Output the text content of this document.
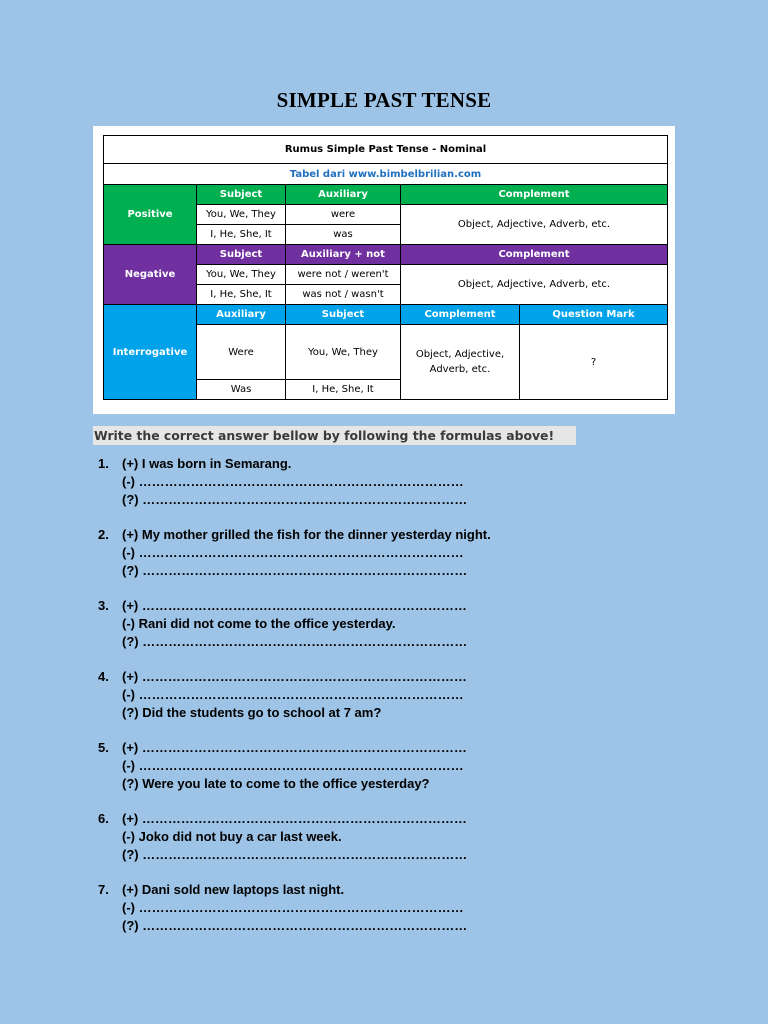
SIMPLE PAST TENSE
Rumus Simple Past Tense - Nominal				
Tabel dari www.bimbelbrilian.com				
Positive	Subject	Auxiliary	Complement	
	You, We, They	were	Object, Adjective, Adverb, etc.	
	I, He, She, It	was		
Negative	Subject	Auxiliary + not	Complement	
	You, We, They	were not / weren't	Object, Adjective, Adverb, etc.	
	I, He, She, It	was not / wasn't		
Interrogative	Auxiliary	Subject	Complement	Question Mark
	Were	You, We, They	Object, Adjective, Adverb, etc.	?
	Was	I, He, She, It		
Write the correct answer bellow by following the formulas above!
1.	(+) I was born in Semarang.
(-) …………………………………………………………………
(?) …………………………………………………………………
2.	(+) My mother grilled the fish for the dinner yesterday night.
(-) …………………………………………………………………
(?) …………………………………………………………………
3.	(+) …………………………………………………………………
(-) Rani did not come to the office yesterday.
(?) …………………………………………………………………
4.	(+) …………………………………………………………………
(-) …………………………………………………………………
(?) Did the students go to school at 7 am?
5.	(+) …………………………………………………………………
(-) …………………………………………………………………
(?) Were you late to come to the office yesterday?
6.	(+) …………………………………………………………………
(-) Joko did not buy a car last week.
(?) …………………………………………………………………
7.	(+) Dani sold new laptops last night.
(-) …………………………………………………………………
(?) …………………………………………………………………
